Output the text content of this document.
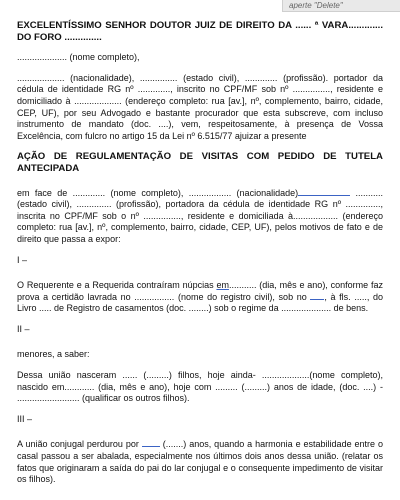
aperte "Delete"

EXCELENTÍSSIMO SENHOR DOUTOR JUIZ DE DIREITO DA ...... ª VARA............. DO FORO ..............

.................... (nome completo),

................... (nacionalidade), ............... (estado civil), ............. (profissão). portador da cédula de identidade RG nº ............., inscrito no CPF/MF sob nº ..............., residente e domiciliado à ................... (endereço completo: rua [av.], nº, complemento, bairro, cidade, CEP, UF), por seu Advogado e bastante procurador que esta subscreve, com incluso instrumento de mandato (doc. ....), vem, respeitosamente, à presença de Vossa Excelência, com fulcro no artigo 15 da Lei nº 6.515/77 ajuizar a presente

AÇÃO DE REGULAMENTAÇÃO DE VISITAS COM PEDIDO DE TUTELA ANTECIPADA

em face de ............. (nome completo), ................. (nacionalidade)	........... (estado civil), .............. (profissão), portadora da cédula de identidade RG nº .............., inscrita no CPF/MF sob o nº ..............., residente e domiciliada à.................. (endereço completo: rua [av.], nº, complemento, bairro, cidade, CEP, UF), pelos motivos de fato e de direito que passa a expor:

I –

O Requerente e a Requerida contraíram núpcias em........... (dia, mês e ano), conforme faz prova a certidão lavrada no ................ (nome do registro civil), sob no , à fls. ....., do Livro ..... de Registro de casamentos (doc. ........) sob o regime da .................... de bens.

II –

menores, a saber:

Dessa união nasceram ...... (.........) filhos, hoje ainda- ...................(nome completo), nascido em............ (dia, mês e ano), hoje com ......... (.........) anos de idade, (doc. ....) - ......................... (qualificar os outros filhos).

III –

A união conjugal perdurou por  (.......) anos, quando a harmonia e estabilidade entre o casal passou a ser abalada, especialmente nos últimos dois anos dessa união. (relatar os fatos que originaram a saída do pai do lar conjugal e o consequente impedimento de visitar os filhos).
